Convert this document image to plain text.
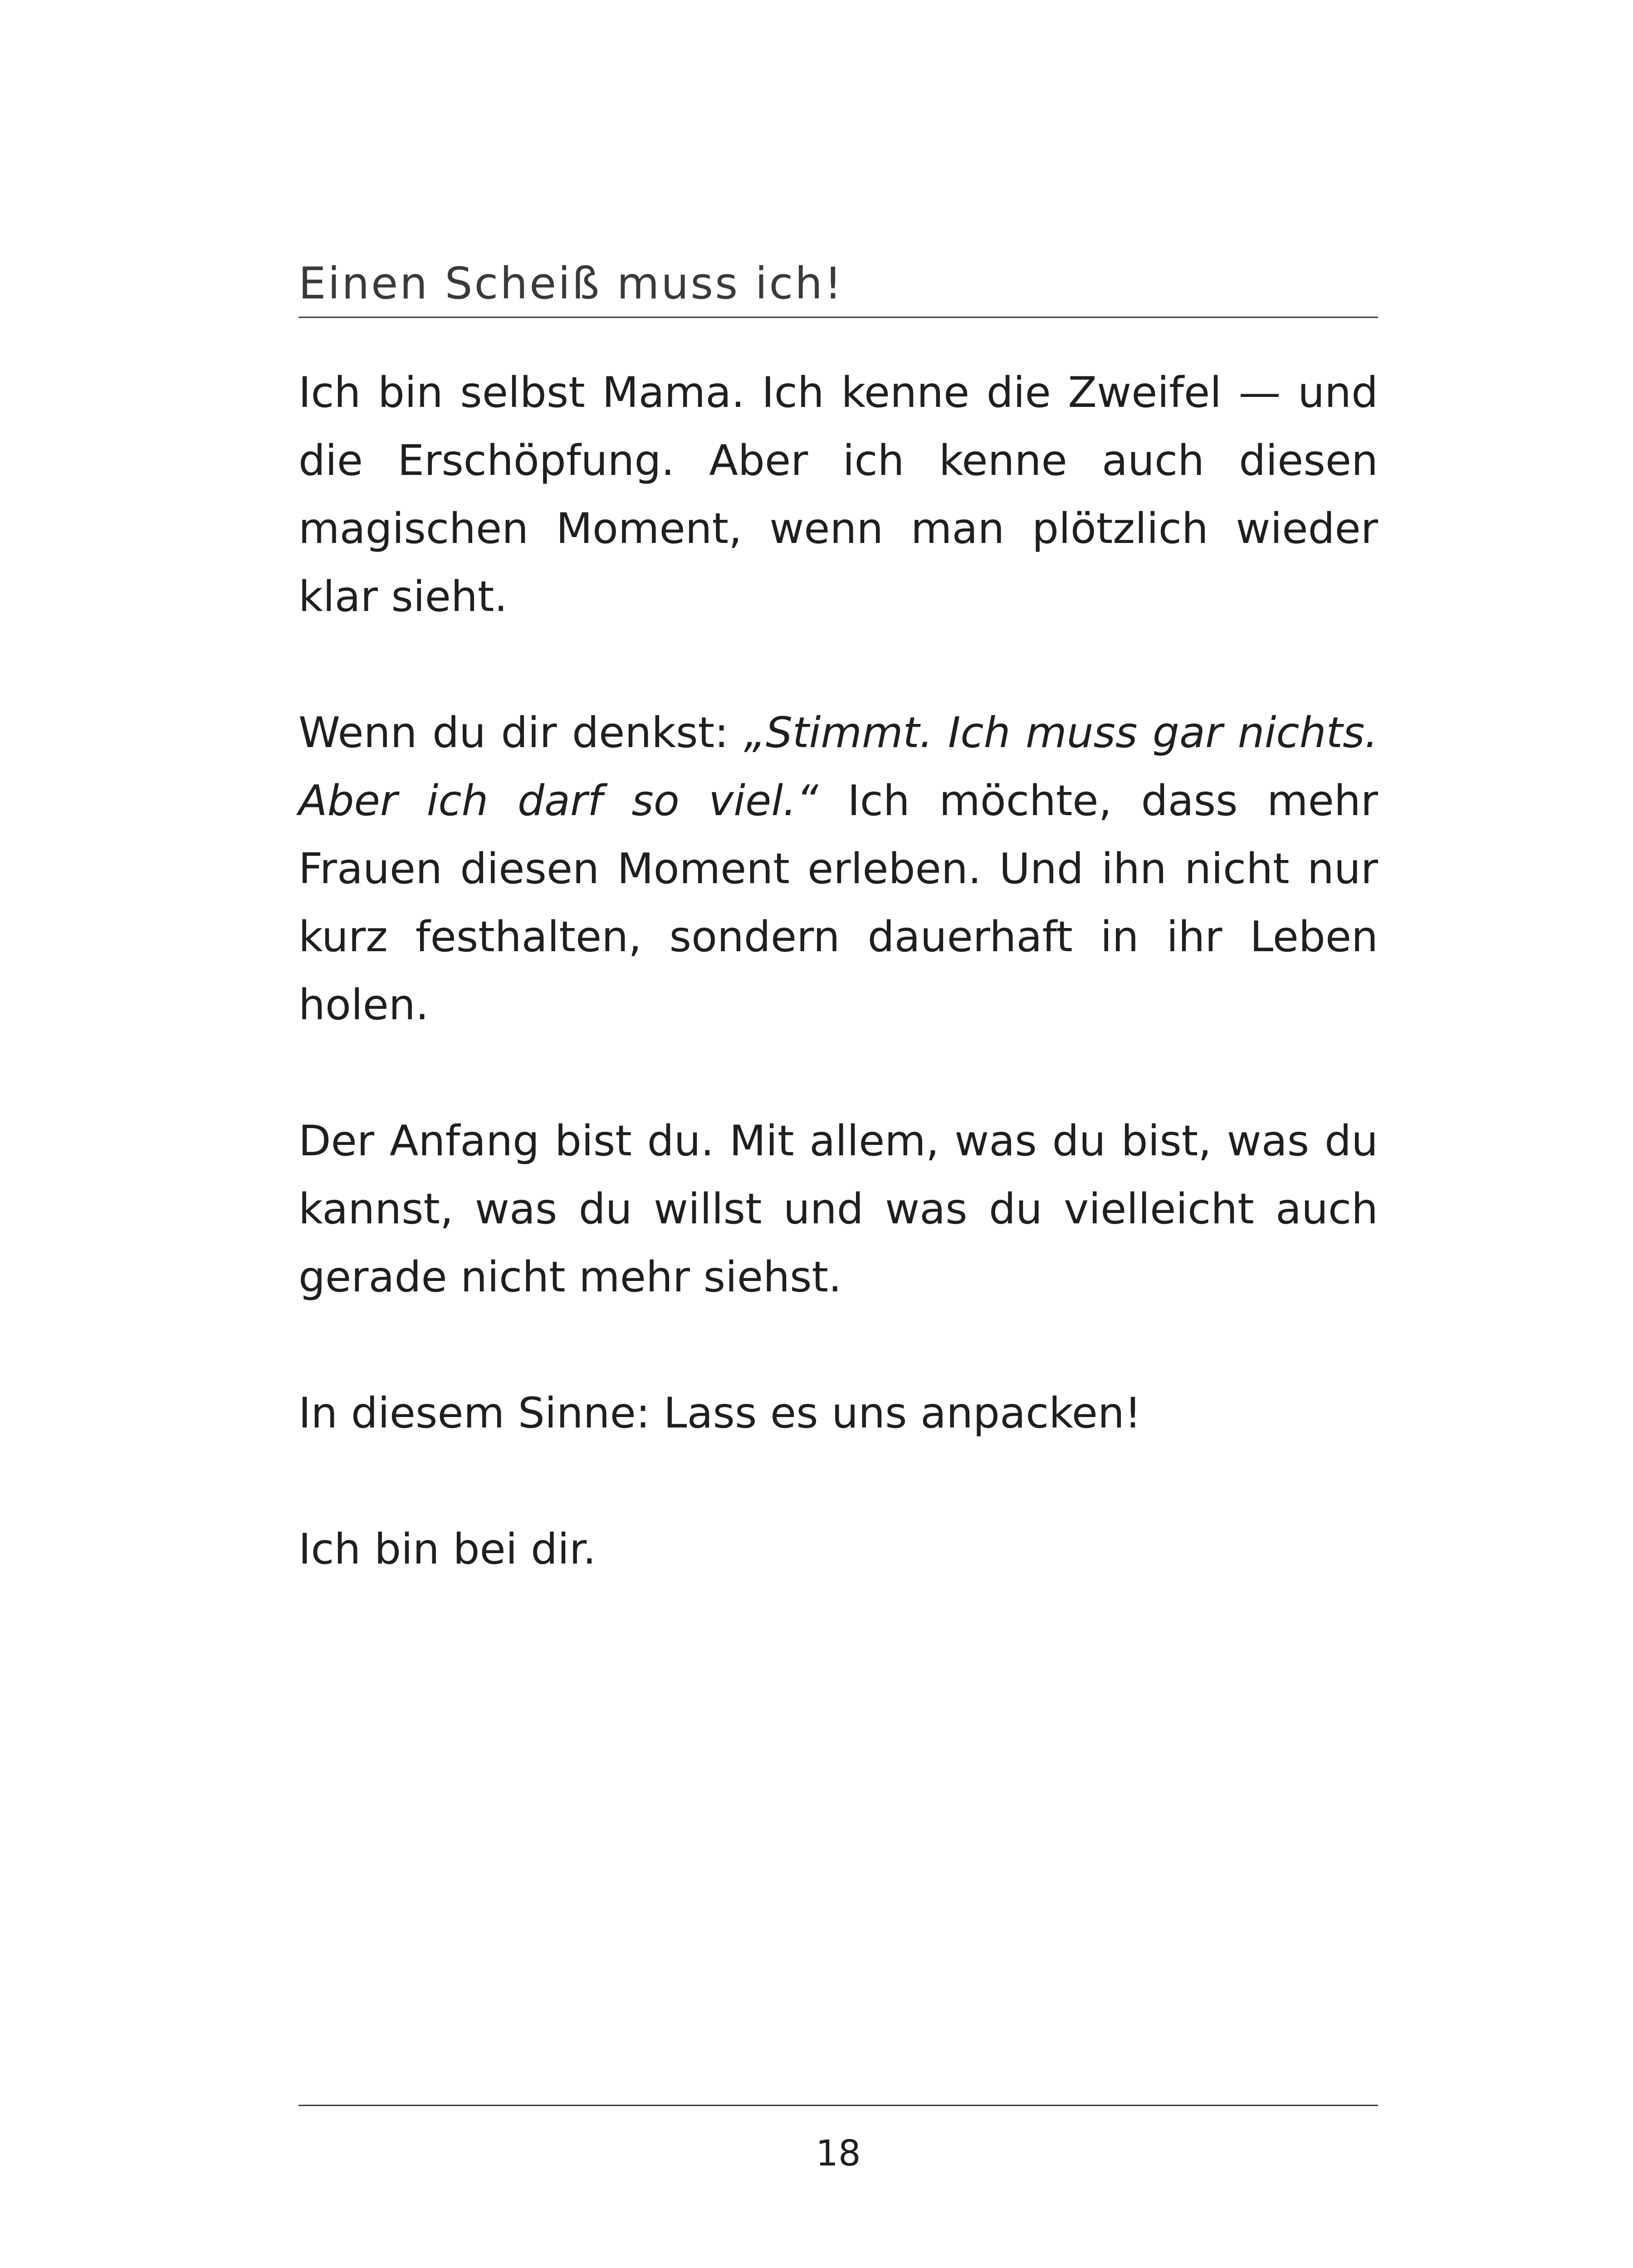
Einen Scheiß muss ich!

Ich bin selbst Mama. Ich kenne die Zweifel — und die Erschöpfung. Aber ich kenne auch diesen magischen Moment, wenn man plötzlich wieder klar sieht.

Wenn du dir denkst: „Stimmt. Ich muss gar nichts. Aber ich darf so viel.“ Ich möchte, dass mehr Frauen diesen Moment erleben. Und ihn nicht nur kurz festhalten, sondern dauerhaft in ihr Leben holen.

Der Anfang bist du. Mit allem, was du bist, was du kannst, was du willst und was du vielleicht auch gerade nicht mehr siehst.

In diesem Sinne: Lass es uns anpacken!

Ich bin bei dir.

18
